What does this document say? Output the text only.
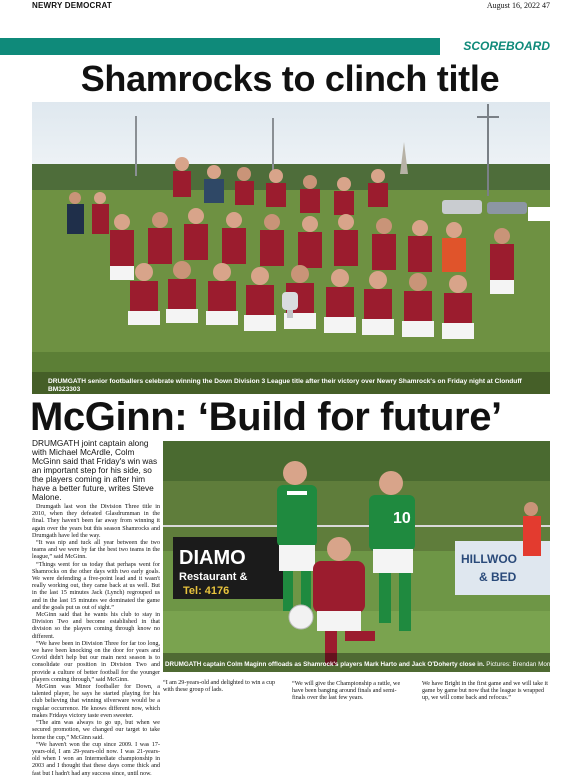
NEWRY DEMOCRAT	August 16, 2022 47
SCOREBOARD
Shamrocks to clinch title
DRUMGATH senior footballers celebrate winning the Down Division 3 League title after their victory over Newry Shamrock's on Friday night at Clonduff
BM323303
McGinn: ‘Build for future’
DRUMGATH joint captain along with Michael McArdle, Colm McGinn said that Friday's win was an important step for his side, so the players coming in after him have a better future, writes Steve Malone.

Drumgath last won the Division Three title in 2010, when they defeated Glasdrumman in the final. They haven't been far away from winning it again over the years but this season Shamrocks and Drumgath have led the way.

“It was nip and tuck all year between the two teams and we were by far the best two teams in the league,” said McGinn.

“Things went for us today that perhaps went for Shamrocks on the other days with two early goals. We were defending a five-point lead and it wasn't really working out, they came back at us well. But in the last 15 minutes Jack (Lynch) regrouped us and in the last 15 minutes we dominated the game and the goals put us out of sight.”

McGinn said that he wants his club to stay in Division Two and become established in that division so the players coming through know no different.

“We have been in Division Three for far too long, we have been knocking on the door for years and Covid didn't help but our main next season is to consolidate our position in Division Two and provide a culture of better football for the younger players coming through,” said McGinn.

McGinn was Minor footballer for Down, a talented player, he says he started playing for his club believing that winning silverware would be a regular occurrence. He knows different now, which makes Fridays victory taste even sweeter.

“The aim was always to go up, but when we secured promotion, we changed our target to take home the cup,” McGinn said.

“We haven't won the cup since 2009. I was 17-years-old, I am 29-years-old now. I was 21-years-old when I won an Intermediate championship in 2003 and I thought that these days come thick and fast but I hadn't had any success since, until now.

DIAMO
Restaurant &
Tel: 4176
HILLWOO
& BED
10
DRUMGATH captain Colm Maginn offloads as Shamrock's players Mark Harto and Jack O'Doherty close in. Pictures: Brendan Monaghan.
“I am 29-years-old and delighted to win a cup with these group of lads.
“We will give the Championship a rattle, we have been banging around finals and semi-finals over the last few years.
We have Bright in the first game and we will take it game by game but now that the league is wrapped up, we will come back and refocus.”
